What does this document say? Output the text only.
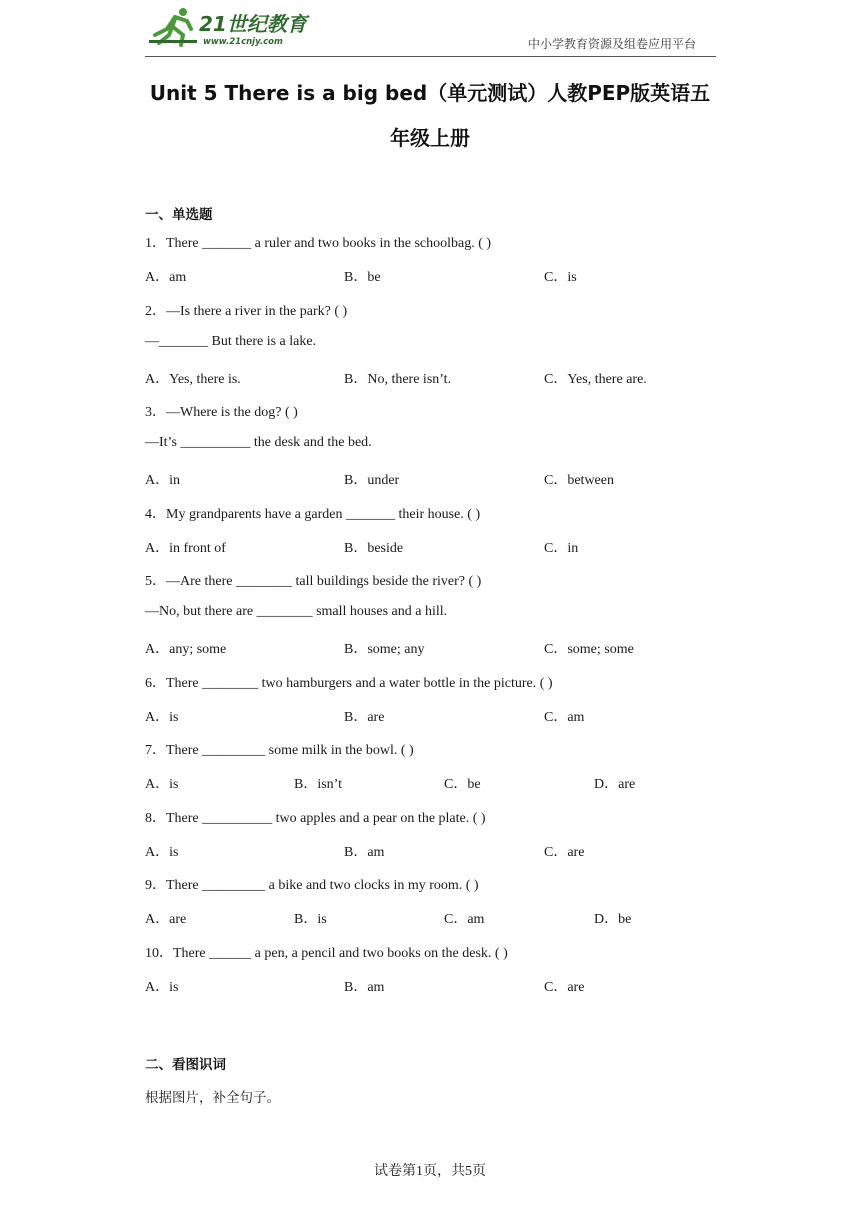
21世纪教育
www.21cnjy.com	中小学教育资源及组卷应用平台
Unit 5 There is a big bed（单元测试）人教PEP版英语五
年级上册
一、单选题
1．There _______ a ruler and two books in the schoolbag. ( )
A．am	B．be	C．is
2．—Is there a river in the park? ( )
—_______ But there is a lake.
A．Yes, there is.	B．No, there isn’t.	C．Yes, there are.
3．—Where is the dog? ( )
—It’s __________ the desk and the bed.
A．in	B．under	C．between
4．My grandparents have a garden _______ their house. ( )
A．in front of	B．beside	C．in
5．—Are there ________ tall buildings beside the river? ( )
—No, but there are ________ small houses and a hill.
A．any; some	B．some; any	C．some; some
6．There ________ two hamburgers and a water bottle in the picture. ( )
A．is	B．are	C．am
7．There _________ some milk in the bowl. ( )
A．is	B．isn’t	C．be	D．are
8．There __________ two apples and a pear on the plate. ( )
A．is	B．am	C．are
9．There _________ a bike and two clocks in my room. ( )
A．are	B．is	C．am	D．be
10．There ______ a pen, a pencil and two books on the desk. ( )
A．is	B．am	C．are
二、看图识词
根据图片，补全句子。
试卷第1页，共5页
